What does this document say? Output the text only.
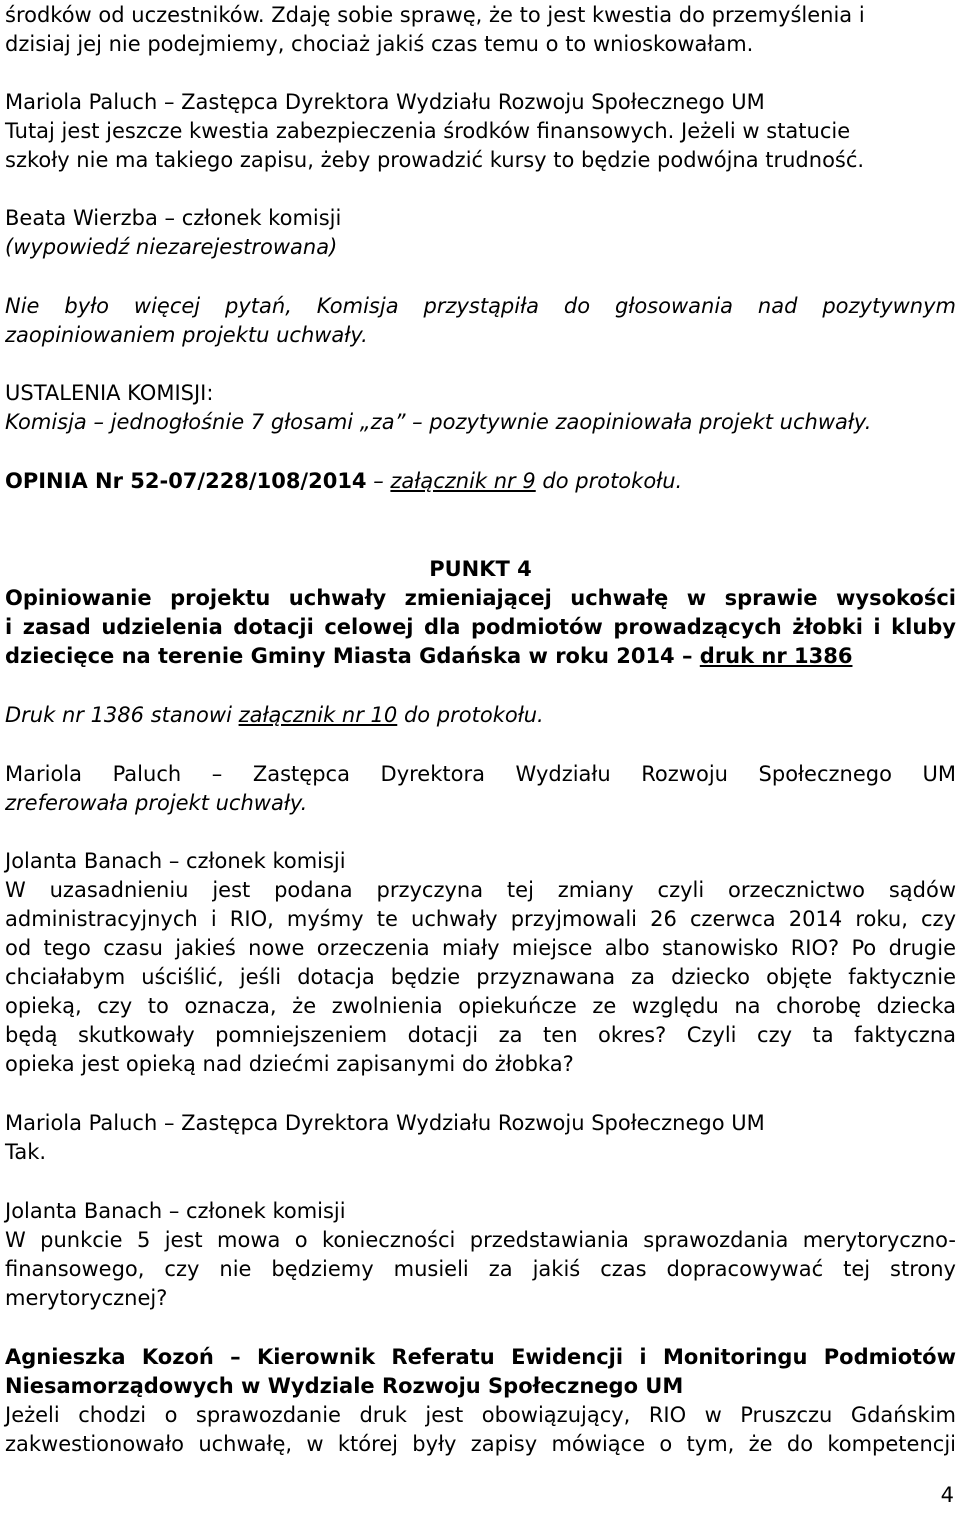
środków od uczestników. Zdaję sobie sprawę, że to jest kwestia do przemyślenia i
dzisiaj jej nie podejmiemy, chociaż jakiś czas temu o to wnioskowałam.
Mariola Paluch – Zastępca Dyrektora Wydziału Rozwoju Społecznego UM
Tutaj jest jeszcze kwestia zabezpieczenia środków finansowych. Jeżeli w statucie
szkoły nie ma takiego zapisu, żeby prowadzić kursy to będzie podwójna trudność.
Beata Wierzba – członek komisji
(wypowiedź niezarejestrowana)
Nie było więcej pytań, Komisja przystąpiła do głosowania nad pozytywnym
zaopiniowaniem projektu uchwały.
USTALENIA KOMISJI:
Komisja – jednogłośnie 7 głosami „za” – pozytywnie zaopiniowała projekt uchwały.
OPINIA Nr 52-07/228/108/2014 – załącznik nr 9 do protokołu.
PUNKT 4
Opiniowanie projektu uchwały zmieniającej uchwałę w sprawie wysokości
i zasad udzielenia dotacji celowej dla podmiotów prowadzących żłobki i kluby
dziecięce na terenie Gminy Miasta Gdańska w roku 2014 – druk nr 1386
Druk nr 1386 stanowi załącznik nr 10 do protokołu.
Mariola Paluch – Zastępca Dyrektora Wydziału Rozwoju Społecznego UM
zreferowała projekt uchwały.
Jolanta Banach – członek komisji
W uzasadnieniu jest podana przyczyna tej zmiany czyli orzecznictwo sądów
administracyjnych i RIO, myśmy te uchwały przyjmowali 26 czerwca 2014 roku, czy
od tego czasu jakieś nowe orzeczenia miały miejsce albo stanowisko RIO? Po drugie
chciałabym uściślić, jeśli dotacja będzie przyznawana za dziecko objęte faktycznie
opieką, czy to oznacza, że zwolnienia opiekuńcze ze względu na chorobę dziecka
będą skutkowały pomniejszeniem dotacji za ten okres? Czyli czy ta faktyczna
opieka jest opieką nad dziećmi zapisanymi do żłobka?
Mariola Paluch – Zastępca Dyrektora Wydziału Rozwoju Społecznego UM
Tak.
Jolanta Banach – członek komisji
W punkcie 5 jest mowa o konieczności przedstawiania sprawozdania merytoryczno-
finansowego, czy nie będziemy musieli za jakiś czas dopracowywać tej strony
merytorycznej?
Agnieszka Kozoń – Kierownik Referatu Ewidencji i Monitoringu Podmiotów
Niesamorządowych w Wydziale Rozwoju Społecznego UM
Jeżeli chodzi o sprawozdanie druk jest obowiązujący, RIO w Pruszczu Gdańskim
zakwestionowało uchwałę, w której były zapisy mówiące o tym, że do kompetencji
4
